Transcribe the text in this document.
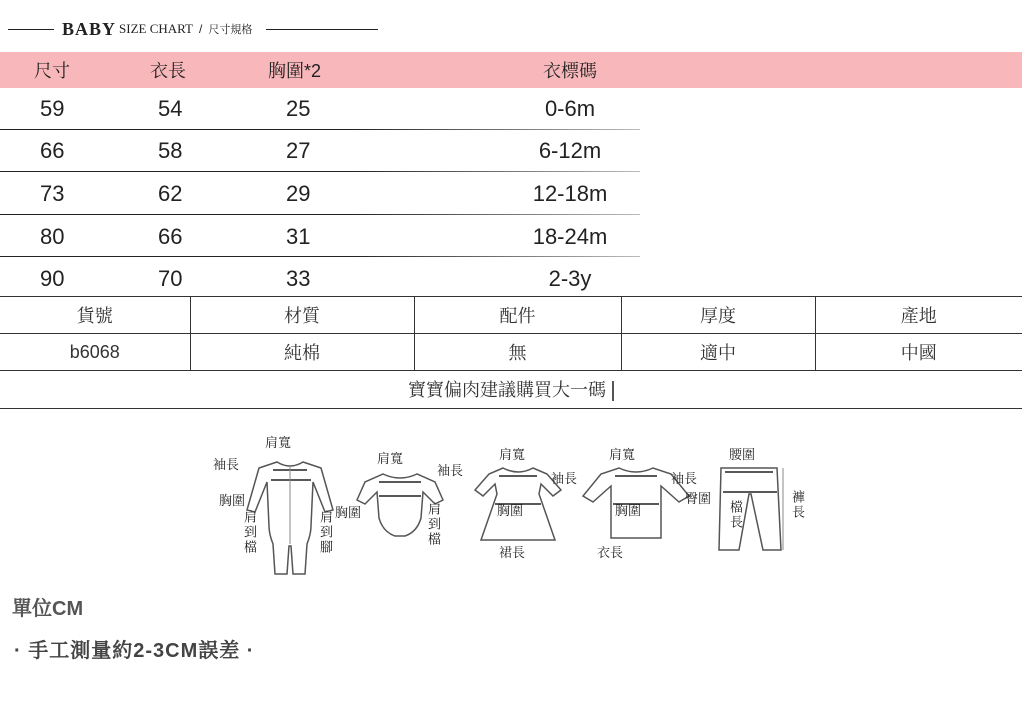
BABY SIZE CHART / 尺寸規格
尺寸	衣長	胸圍*2	衣標碼
59	54	25	0-6m
66	58	27	6-12m
73	62	29	12-18m
80	66	31	18-24m
90	70	33	2-3y
貨號	材質	配件	厚度	產地
b6068	純棉	無	適中	中國
寶寶偏肉建議購買大一碼
肩寬
袖長
胸圍
肩到檔	肩到腳
肩寬
袖長
胸圍	肩到檔
肩寬
袖長
胸圍
裙長
肩寬
袖長
胸圍
衣長
腰圍
臀圍
檔長	褲長
單位CM
· 手工測量約2-3CM誤差 ·
